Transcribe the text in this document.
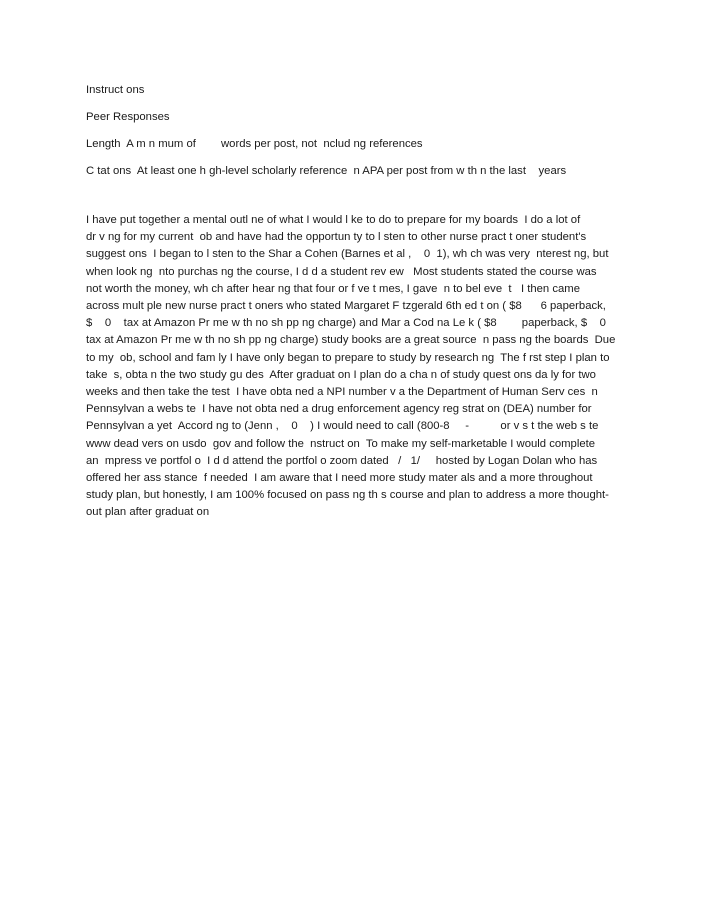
Instruct ons

Peer Responses

Length  A m n mum of        words per post, not  nclud ng references

C tat ons  At least one h gh-level scholarly reference  n APA per post from w th n the last    years

I have put together a mental outl ne of what I would l ke to do to prepare for my boards  I do a lot of

dr v ng for my current  ob and have had the opportun ty to l sten to other nurse pract t oner student's

suggest ons  I began to l sten to the Shar a Cohen (Barnes et al ,    0  1), wh ch was very  nterest ng, but

when look ng  nto purchas ng the course, I d d a student rev ew   Most students stated the course was

not worth the money, wh ch after hear ng that four or f ve t mes, I gave  n to bel eve  t   I then came

across mult ple new nurse pract t oners who stated Margaret F tzgerald 6th ed t on ( $8      6 paperback,

$    0    tax at Amazon Pr me w th no sh pp ng charge) and Mar a Cod na Le k ( $8        paperback, $    0

tax at Amazon Pr me w th no sh pp ng charge) study books are a great source  n pass ng the boards  Due

to my  ob, school and fam ly I have only began to prepare to study by research ng  The f rst step I plan to

take  s, obta n the two study gu des  After graduat on I plan do a cha n of study quest ons da ly for two

weeks and then take the test  I have obta ned a NPI number v a the Department of Human Serv ces  n

Pennsylvan a webs te  I have not obta ned a drug enforcement agency reg strat on (DEA) number for

Pennsylvan a yet  Accord ng to (Jenn ,    0    ) I would need to call (800-8     -          or v s t the web s te

www dead vers on usdo  gov and follow the  nstruct on  To make my self-marketable I would complete

an  mpress ve portfol o  I d d attend the portfol o zoom dated   /   1/     hosted by Logan Dolan who has

offered her ass stance  f needed  I am aware that I need more study mater als and a more throughout

study plan, but honestly, I am 100% focused on pass ng th s course and plan to address a more thought-

out plan after graduat on
